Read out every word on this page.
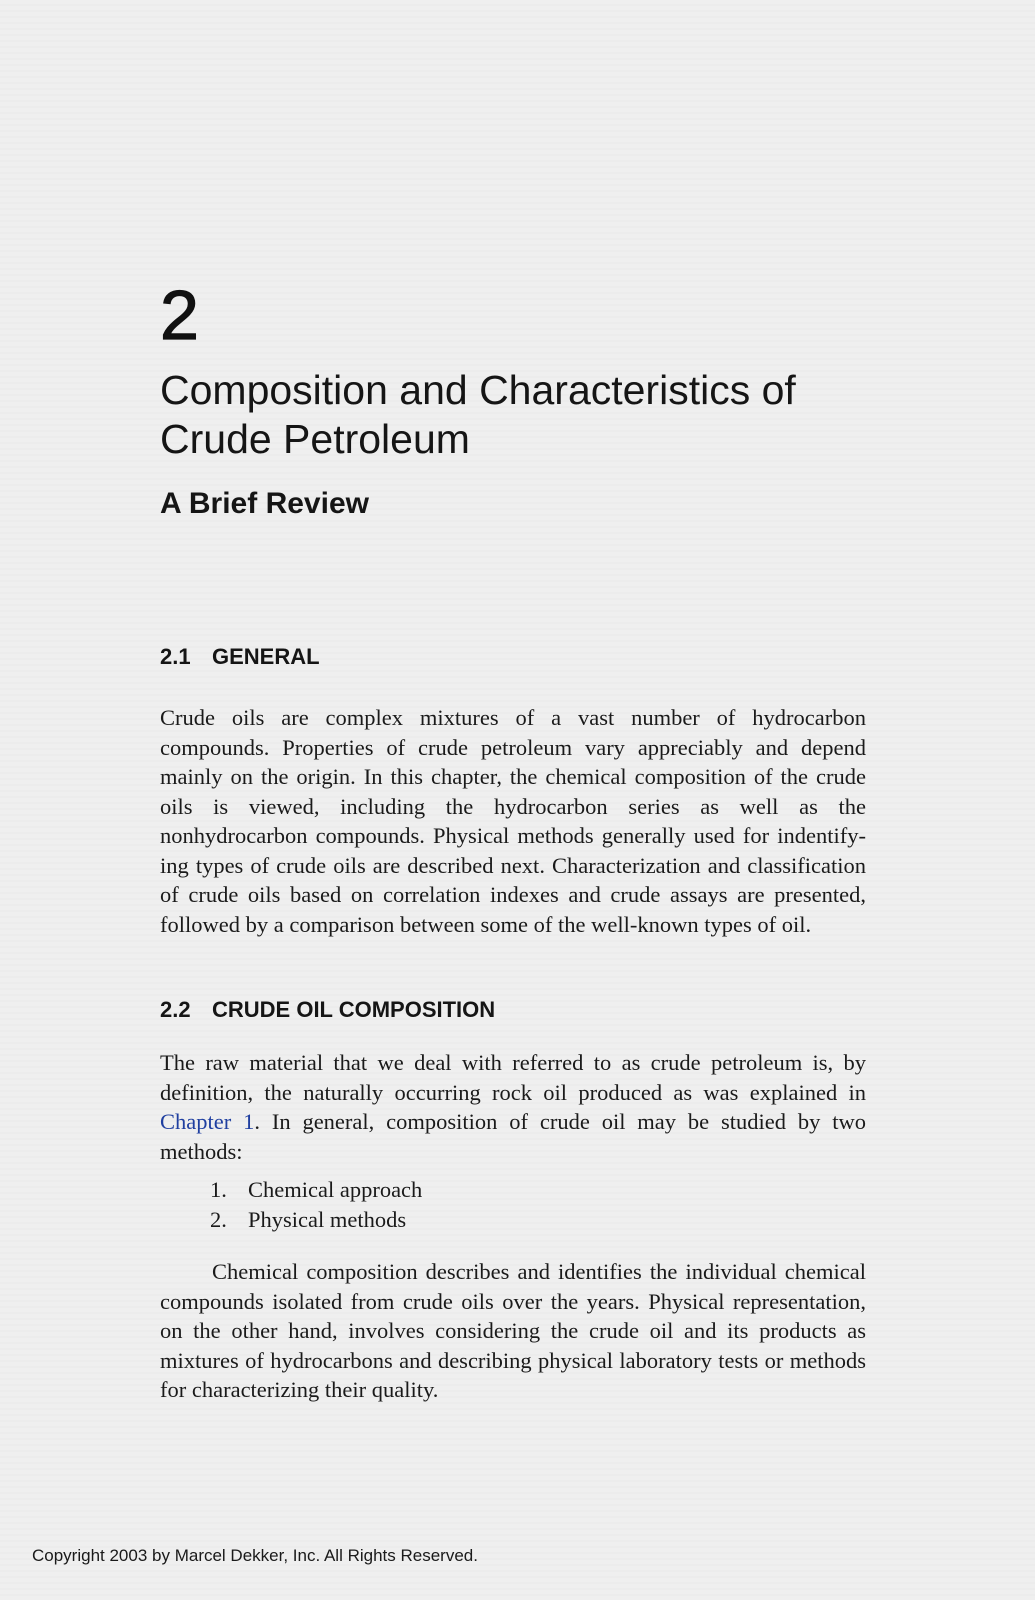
2
Composition and Characteristics of Crude Petroleum
A Brief Review
2.1 GENERAL

Crude oils are complex mixtures of a vast number of hydrocarbon compounds. Properties of crude petroleum vary appreciably and depend mainly on the origin. In this chapter, the chemical composition of the crude oils is viewed, including the hydrocarbon series as well as the nonhydrocarbon compounds. Physical methods generally used for indentifying types of crude oils are described next. Characterization and classification of crude oils based on correlation indexes and crude assays are presented, followed by a comparison between some of the well-known types of oil.

2.2 CRUDE OIL COMPOSITION

The raw material that we deal with referred to as crude petroleum is, by definition, the naturally occurring rock oil produced as was explained in Chapter 1. In general, composition of crude oil may be studied by two methods:

1. Chemical approach
2. Physical methods

Chemical composition describes and identifies the individual chemical compounds isolated from crude oils over the years. Physical representation, on the other hand, involves considering the crude oil and its products as mixtures of hydrocarbons and describing physical laboratory tests or methods for characterizing their quality.

Copyright 2003 by Marcel Dekker, Inc. All Rights Reserved.
